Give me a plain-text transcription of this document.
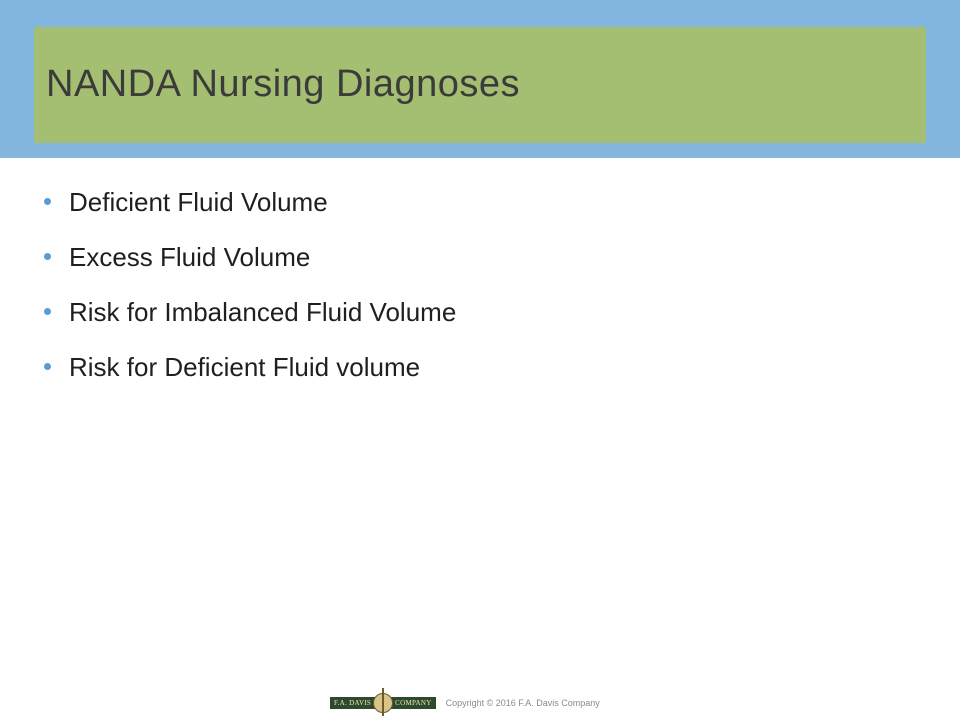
NANDA Nursing Diagnoses
Deficient Fluid Volume
Excess Fluid Volume
Risk for Imbalanced Fluid Volume
Risk for Deficient Fluid volume
F.A. DAVIS	COMPANY	Copyright © 2016 F.A. Davis Company
